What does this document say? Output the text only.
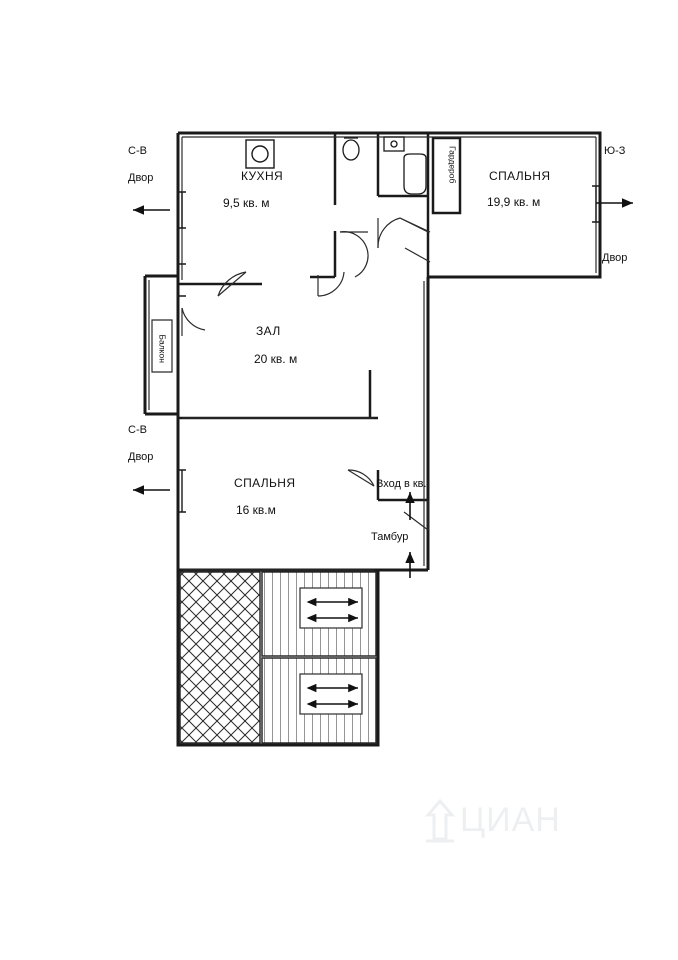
КУХНЯ
9,5 кв. м
СПАЛЬНЯ
19,9 кв. м
ЗАЛ
20 кв. м
СПАЛЬНЯ
16 кв.м
Гардероб
Балкон
Вход в кв.
Тамбур
С-В
Двор
Ю-З
Двор
С-В
Двор
ЦИАН
